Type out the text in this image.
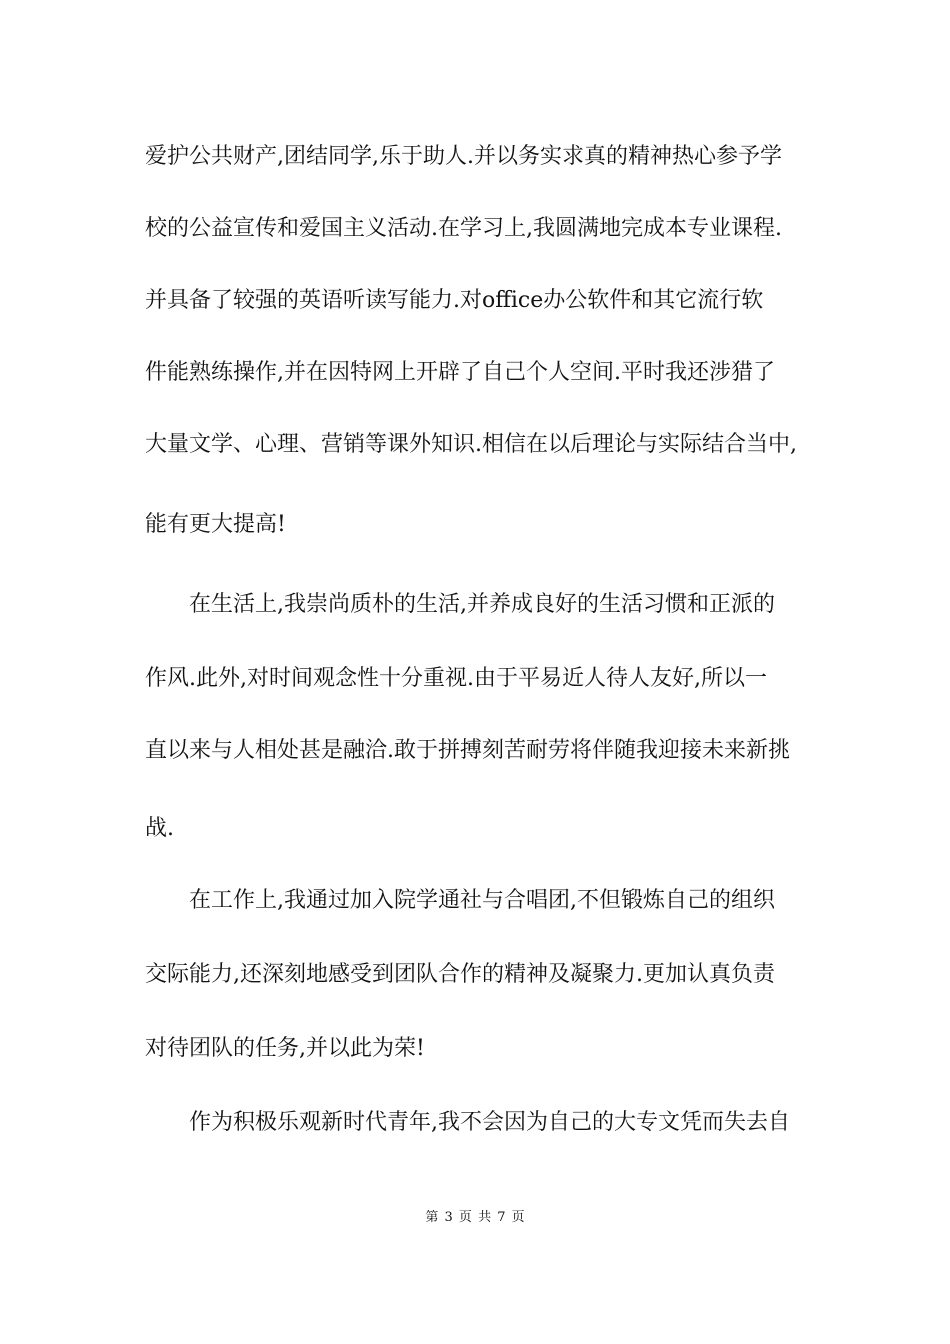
爱护公共财产,团结同学,乐于助人.并以务实求真的精神热心参予学
校的公益宣传和爱国主义活动.在学习上,我圆满地完成本专业课程.
并具备了较强的英语听读写能力.对office办公软件和其它流行软
件能熟练操作,并在因特网上开辟了自己个人空间.平时我还涉猎了
大量文学、心理、营销等课外知识.相信在以后理论与实际结合当中,
能有更大提高!
在生活上,我崇尚质朴的生活,并养成良好的生活习惯和正派的
作风.此外,对时间观念性十分重视.由于平易近人待人友好,所以一
直以来与人相处甚是融洽.敢于拼搏刻苦耐劳将伴随我迎接未来新挑
战.
在工作上,我通过加入院学通社与合唱团,不但锻炼自己的组织
交际能力,还深刻地感受到团队合作的精神及凝聚力.更加认真负责
对待团队的任务,并以此为荣!
作为积极乐观新时代青年,我不会因为自己的大专文凭而失去自
第 3 页 共 7 页
